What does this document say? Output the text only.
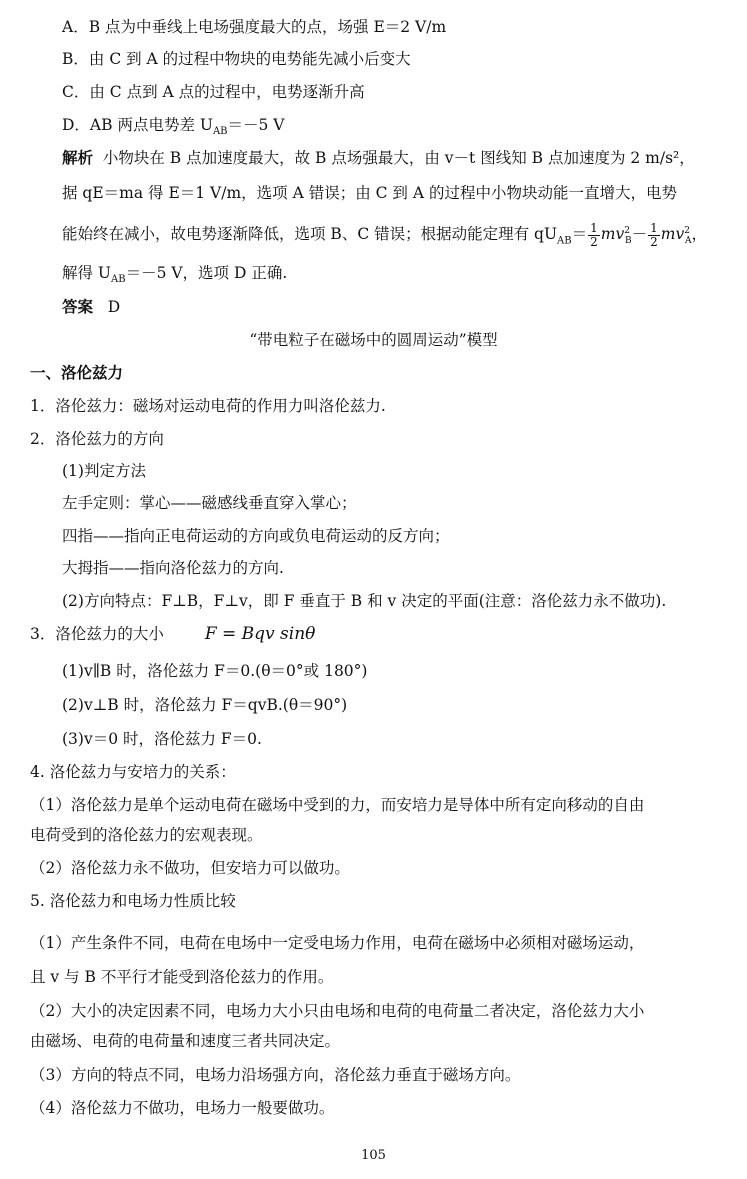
A．B 点为中垂线上电场强度最大的点，场强 E＝2 V/m
B．由 C 到 A 的过程中物块的电势能先减小后变大
C．由 C 点到 A 点的过程中，电势逐渐升高
D．AB 两点电势差 $U_{AB}=-5$ V
解析 小物块在 B 点加速度最大，故 B 点场强最大，由 v－t 图线知 B 点加速度为 2 m/s²，
据 qE＝ma 得 E＝1 V/m，选项 A 错误；由 C 到 A 的过程中小物块动能一直增大，电势
能始终在减小，故电势逐渐降低，选项 B、C 错误；根据动能定理有 $qU_{AB}= \frac{1}{2} mv^2_B- \frac{1}{2} mv^2_A$，
解得 $U_{AB}=-5$ V，选项 D 正确.
答案 D
“带电粒子在磁场中的圆周运动”模型
一、洛伦兹力
1．洛伦兹力：磁场对运动电荷的作用力叫洛伦兹力.
2．洛伦兹力的方向
(1)判定方法
左手定则：掌心——磁感线垂直穿入掌心；
四指——指向正电荷运动的方向或负电荷运动的反方向；
大拇指——指向洛伦兹力的方向.
(2)方向特点：F⊥B，F⊥v，即 F 垂直于 B 和 v 决定的平面(注意：洛伦兹力永不做功).
3．洛伦兹力的大小 F = Bqv sinθ
(1)v∥B 时，洛伦兹力 F＝0.(θ＝0°或 180°)
(2)v⊥B 时，洛伦兹力 F＝qvB.(θ＝90°)
(3)v＝0 时，洛伦兹力 F＝0.
4. 洛伦兹力与安培力的关系：
（1）洛伦兹力是单个运动电荷在磁场中受到的力，而安培力是导体中所有定向移动的自由
电荷受到的洛伦兹力的宏观表现。
（2）洛伦兹力永不做功，但安培力可以做功。
5. 洛伦兹力和电场力性质比较
（1）产生条件不同，电荷在电场中一定受电场力作用，电荷在磁场中必须相对磁场运动，
且 v 与 B 不平行才能受到洛伦兹力的作用。
（2）大小的决定因素不同，电场力大小只由电场和电荷的电荷量二者决定，洛伦兹力大小
由磁场、电荷的电荷量和速度三者共同决定。
（3）方向的特点不同，电场力沿场强方向，洛伦兹力垂直于磁场方向。
（4）洛伦兹力不做功，电场力一般要做功。
105
